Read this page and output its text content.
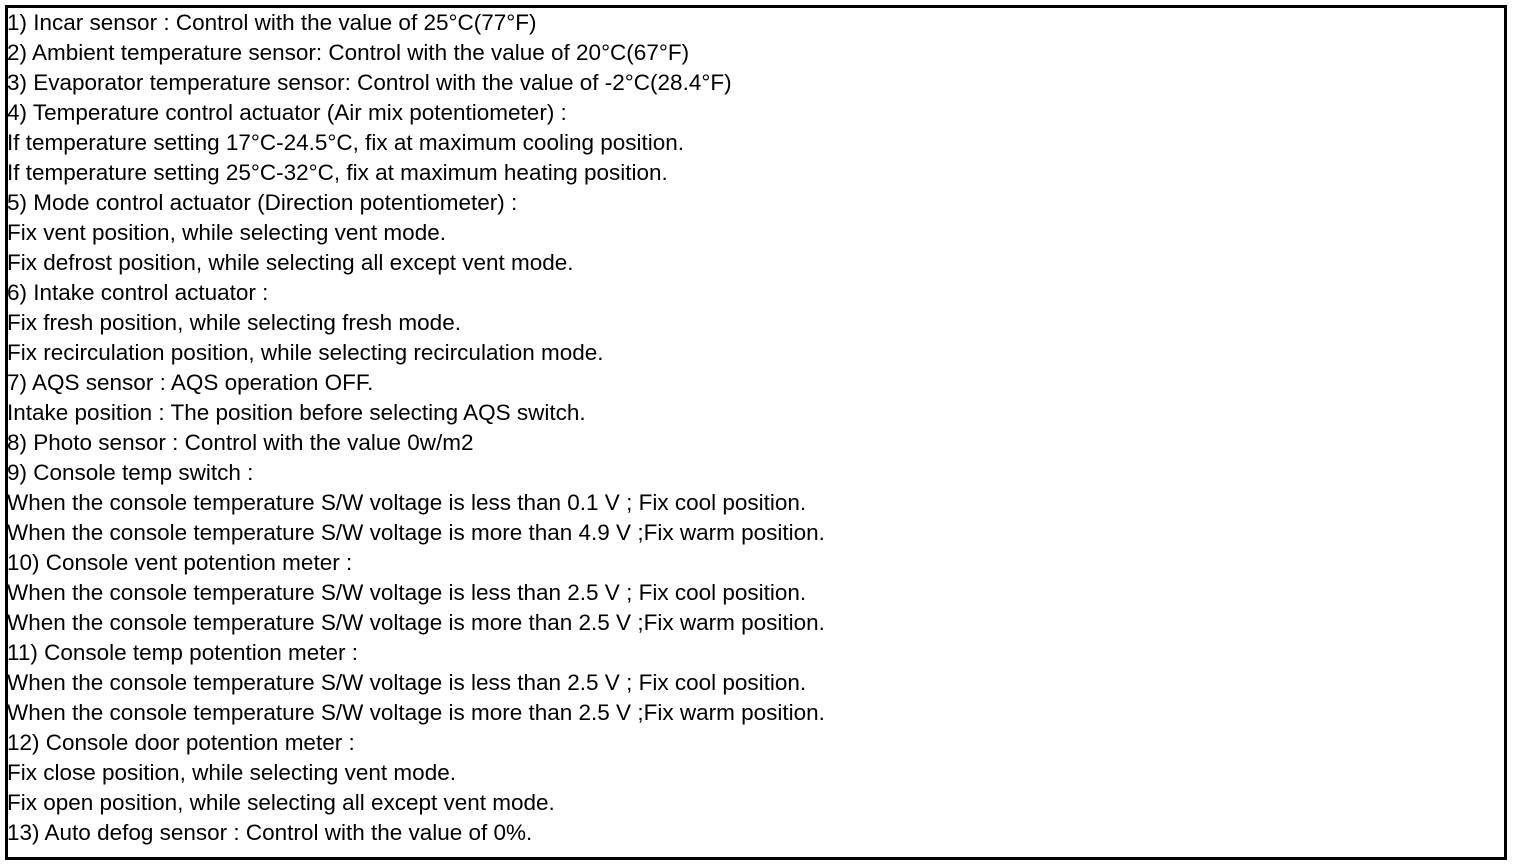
1) Incar sensor : Control with the value of 25°C(77°F)
2) Ambient temperature sensor: Control with the value of 20°C(67°F)
3) Evaporator temperature sensor: Control with the value of -2°C(28.4°F)
4) Temperature control actuator (Air mix potentiometer) :
If temperature setting 17°C-24.5°C, fix at maximum cooling position.
If temperature setting 25°C-32°C, fix at maximum heating position.
5) Mode control actuator (Direction potentiometer) :
Fix vent position, while selecting vent mode.
Fix defrost position, while selecting all except vent mode.
6) Intake control actuator :
Fix fresh position, while selecting fresh mode.
Fix recirculation position, while selecting recirculation mode.
7) AQS sensor : AQS operation OFF.
Intake position : The position before selecting AQS switch.
8) Photo sensor : Control with the value 0w/m2
9) Console temp switch :
When the console temperature S/W voltage is less than 0.1 V ; Fix cool position.
When the console temperature S/W voltage is more than 4.9 V ;Fix warm position.
10) Console vent potention meter :
When the console temperature S/W voltage is less than 2.5 V ; Fix cool position.
When the console temperature S/W voltage is more than 2.5 V ;Fix warm position.
11) Console temp potention meter :
When the console temperature S/W voltage is less than 2.5 V ; Fix cool position.
When the console temperature S/W voltage is more than 2.5 V ;Fix warm position.
12) Console door potention meter :
Fix close position, while selecting vent mode.
Fix open position, while selecting all except vent mode.
13) Auto defog sensor : Control with the value of 0%.
